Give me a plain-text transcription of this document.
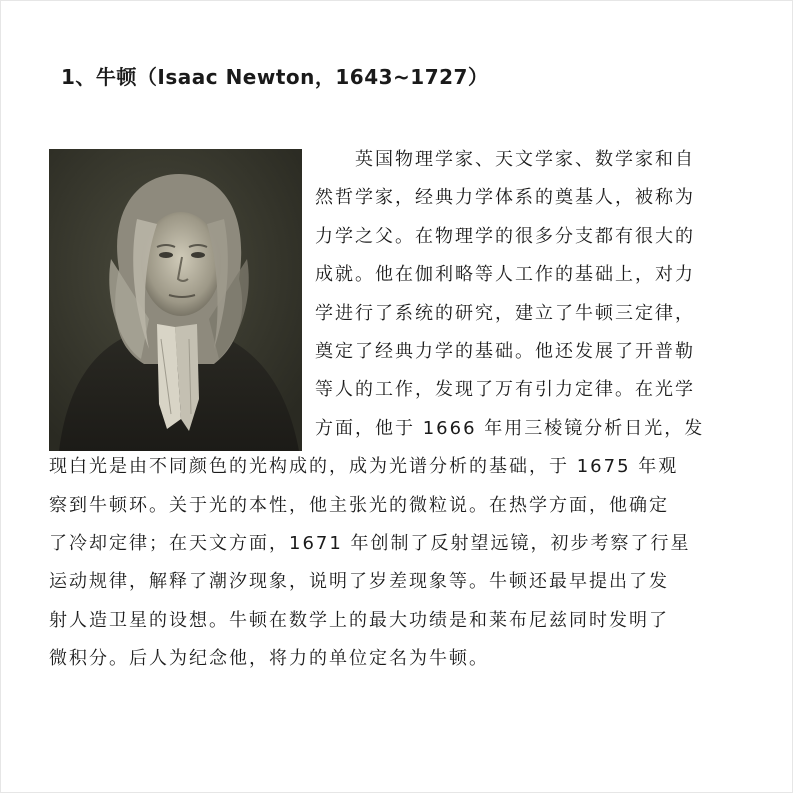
1、牛顿（Isaac Newton，1643~1727）
英国物理学家、天文学家、数学家和自
然哲学家，经典力学体系的奠基人，被称为
力学之父。在物理学的很多分支都有很大的
成就。他在伽利略等人工作的基础上，对力
学进行了系统的研究，建立了牛顿三定律，
奠定了经典力学的基础。他还发展了开普勒
等人的工作，发现了万有引力定律。在光学
方面，他于 1666 年用三棱镜分析日光，发
现白光是由不同颜色的光构成的，成为光谱分析的基础，于 1675 年观
察到牛顿环。关于光的本性，他主张光的微粒说。在热学方面，他确定
了冷却定律；在天文方面，1671 年创制了反射望远镜，初步考察了行星
运动规律，解释了潮汐现象，说明了岁差现象等。牛顿还最早提出了发
射人造卫星的设想。牛顿在数学上的最大功绩是和莱布尼兹同时发明了
微积分。后人为纪念他，将力的单位定名为牛顿。
